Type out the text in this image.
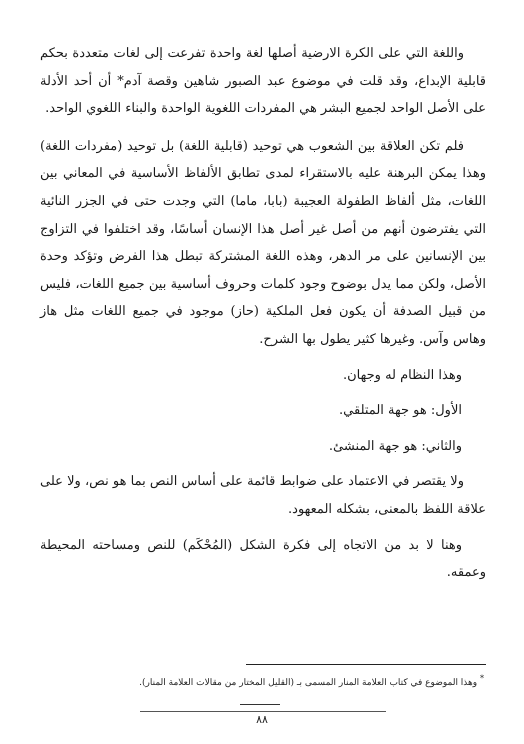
واللغة التي على الكرة الارضية أصلها لغة واحدة تفرعت إلى لغات متعددة بحكم قابلية الإبداع، وقد قلت في موضوع عبد الصبور شاهين وقصة آدم* أن أحد الأدلة على الأصل الواحد لجميع البشر هي المفردات اللغوية الواحدة والبناء اللغوي الواحد.

فلم تكن العلاقة بين الشعوب هي توحيد (قابلية اللغة) بل توحيد (مفردات اللغة) وهذا يمكن البرهنة عليه بالاستقراء لمدى تطابق الألفاظ الأساسية في المعاني بين اللغات، مثل ألفاظ الطفولة العجيبة (بابا، ماما) التي وجدت حتى في الجزر النائية التي يفترضون أنهم من أصل غير أصل هذا الإنسان أساسًا، وقد اختلفوا في التزاوج بين الإنسانين على مر الدهر، وهذه اللغة المشتركة تبطل هذا الفرض وتؤكد وحدة الأصل، ولكن مما يدل بوضوح وجود كلمات وحروف أساسية بين جميع اللغات، فليس من قبيل الصدفة أن يكون فعل الملكية (حاز) موجود في جميع اللغات مثل هاز وهاس وآس. وغيرها كثير يطول بها الشرح.

وهذا النظام له وجهان.

الأول: هو جهة المتلقي.

والثاني: هو جهة المنشئ.

ولا يقتصر في الاعتماد على ضوابط قائمة على أساس النص بما هو نص، ولا على علاقة اللفظ بالمعنى، بشكله المعهود.

وهنا لا بد من الاتجاه إلى فكرة الشكل (المُحْكَم) للنص ومساحته المحيطة وعمقه.

* وهذا الموضوع في كتاب العلامة المنار المسمى بـ (القليل المختار من مقالات العلامة المنار).
٨٨
